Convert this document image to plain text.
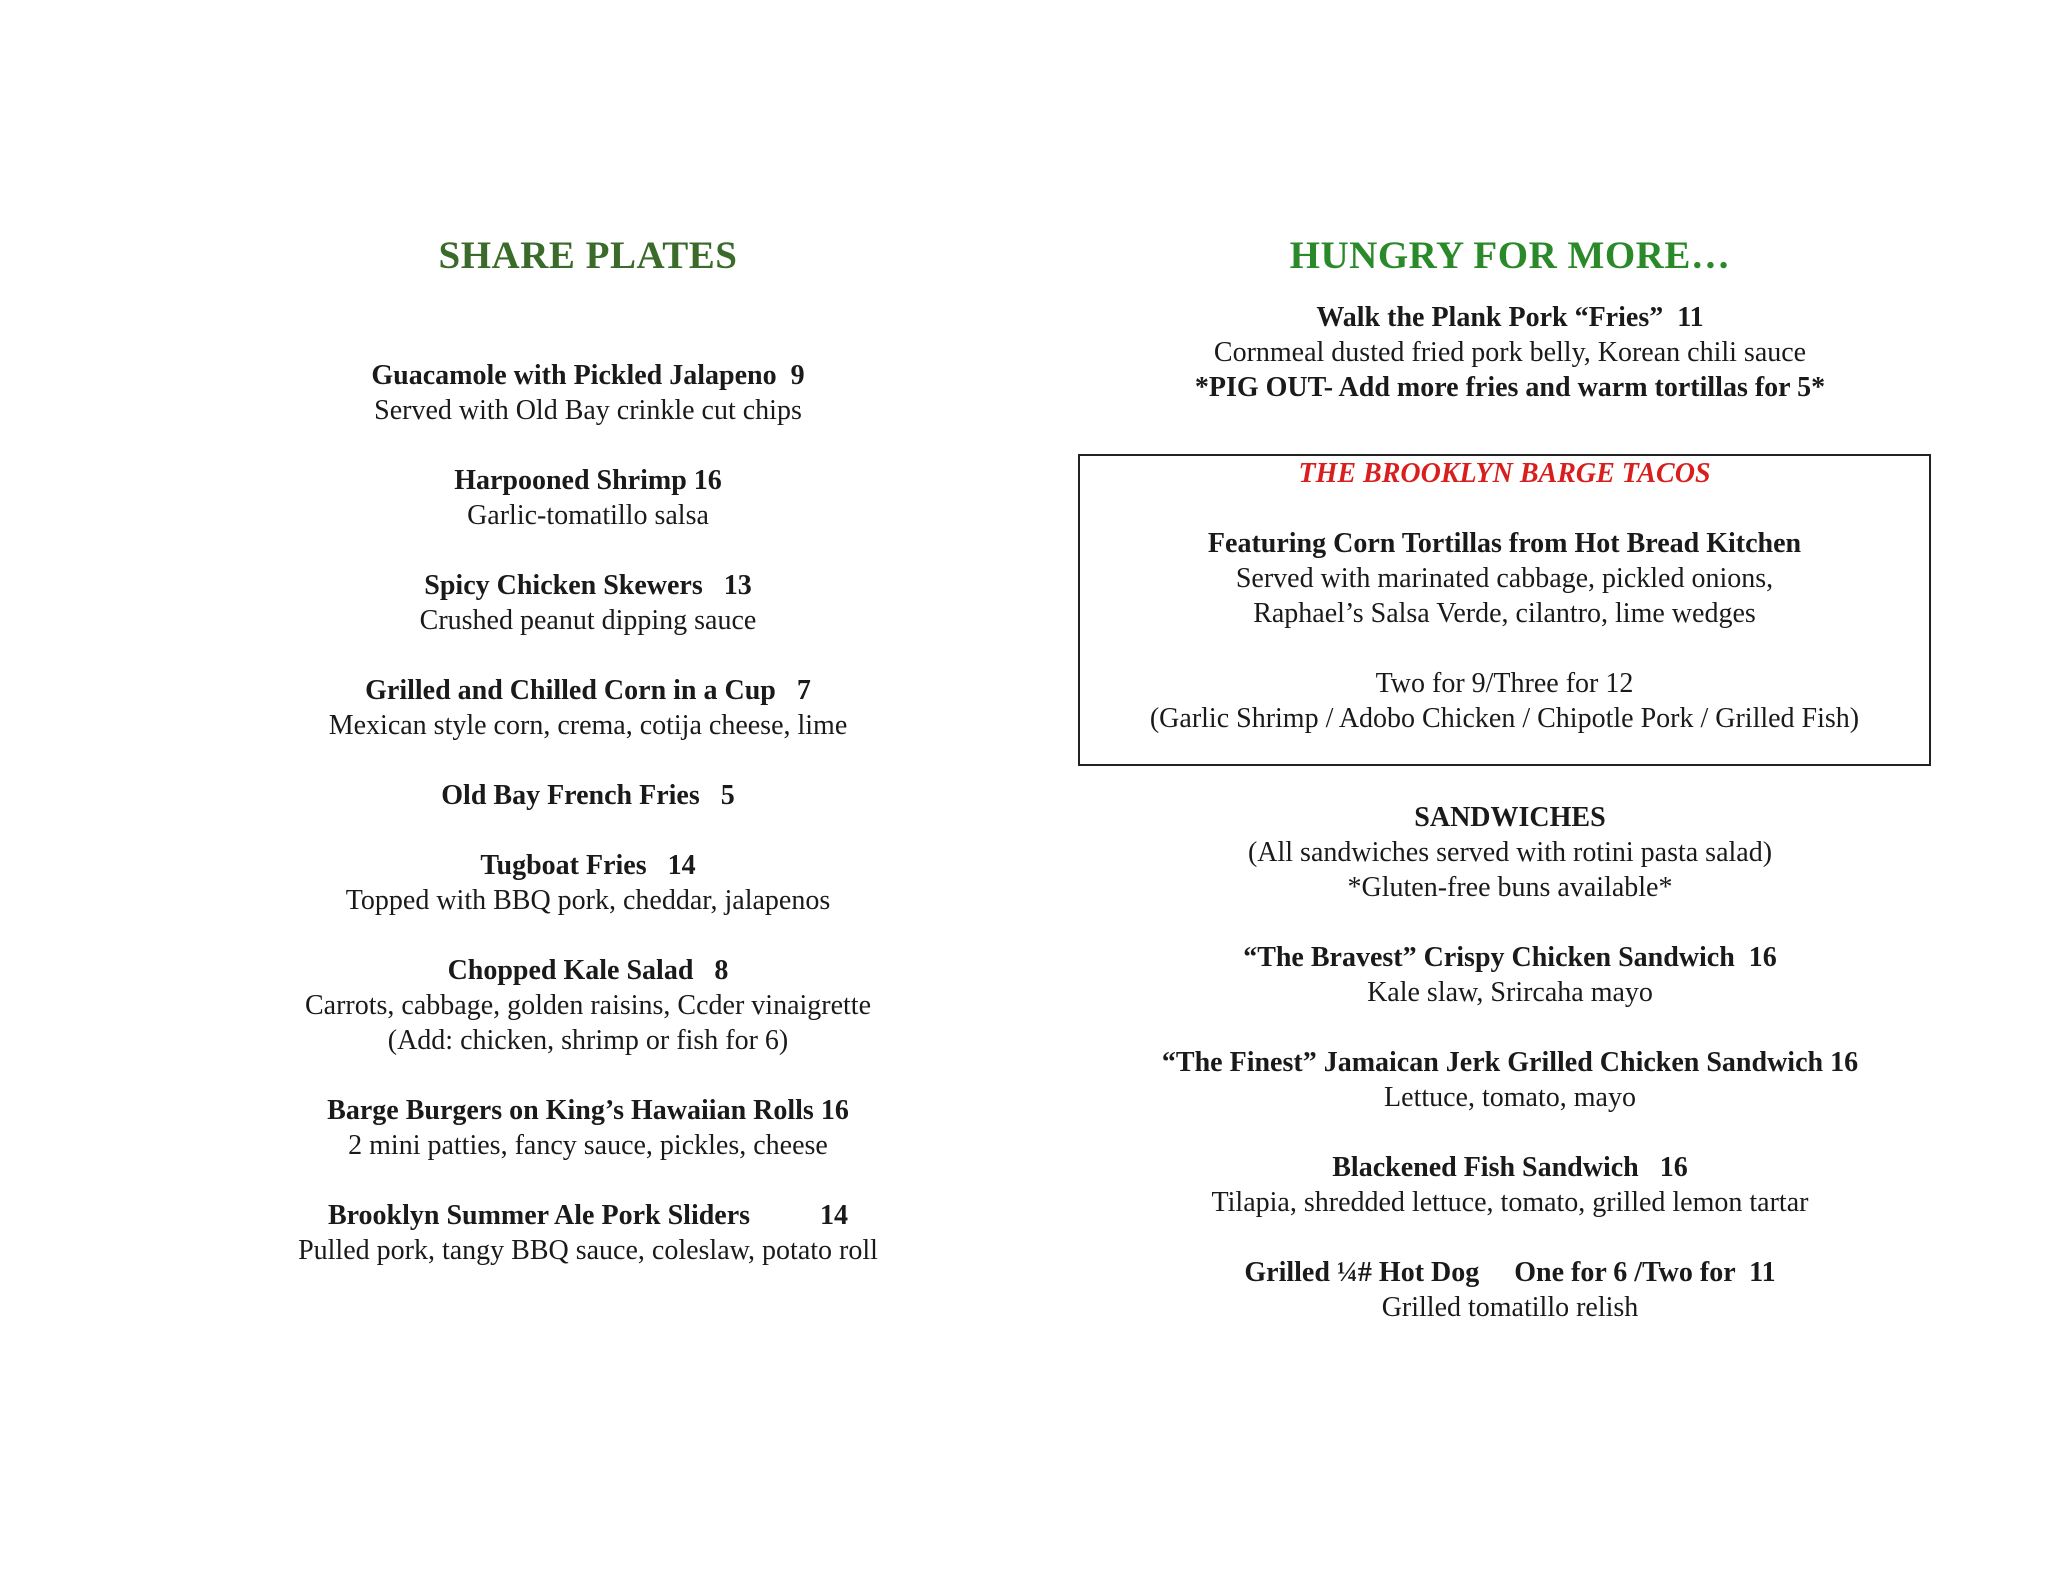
SHARE PLATES
Guacamole with Pickled Jalapeno  9
Served with Old Bay crinkle cut chips
Harpooned Shrimp 16
Garlic-tomatillo salsa
Spicy Chicken Skewers   13
Crushed peanut dipping sauce
Grilled and Chilled Corn in a Cup   7
Mexican style corn, crema, cotija cheese, lime
Old Bay French Fries   5
Tugboat Fries   14
Topped with BBQ pork, cheddar, jalapenos
Chopped Kale Salad   8
Carrots, cabbage, golden raisins, Ccder vinaigrette
(Add: chicken, shrimp or fish for 6)
Barge Burgers on King’s Hawaiian Rolls 16
2 mini patties, fancy sauce, pickles, cheese
Brooklyn Summer Ale Pork Sliders          14
Pulled pork, tangy BBQ sauce, coleslaw, potato roll
HUNGRY FOR MORE…
Walk the Plank Pork “Fries”  11
Cornmeal dusted fried pork belly, Korean chili sauce
*PIG OUT- Add more fries and warm tortillas for 5*
THE BROOKLYN BARGE TACOS
Featuring Corn Tortillas from Hot Bread Kitchen
Served with marinated cabbage, pickled onions,
Raphael’s Salsa Verde, cilantro, lime wedges
Two for 9/Three for 12
(Garlic Shrimp / Adobo Chicken / Chipotle Pork / Grilled Fish)
SANDWICHES
(All sandwiches served with rotini pasta salad)
*Gluten-free buns available*
“The Bravest” Crispy Chicken Sandwich  16
Kale slaw, Srircaha mayo
“The Finest” Jamaican Jerk Grilled Chicken Sandwich 16
Lettuce, tomato, mayo
Blackened Fish Sandwich   16
Tilapia, shredded lettuce, tomato, grilled lemon tartar
Grilled ¼# Hot Dog     One for 6 /Two for  11
Grilled tomatillo relish
